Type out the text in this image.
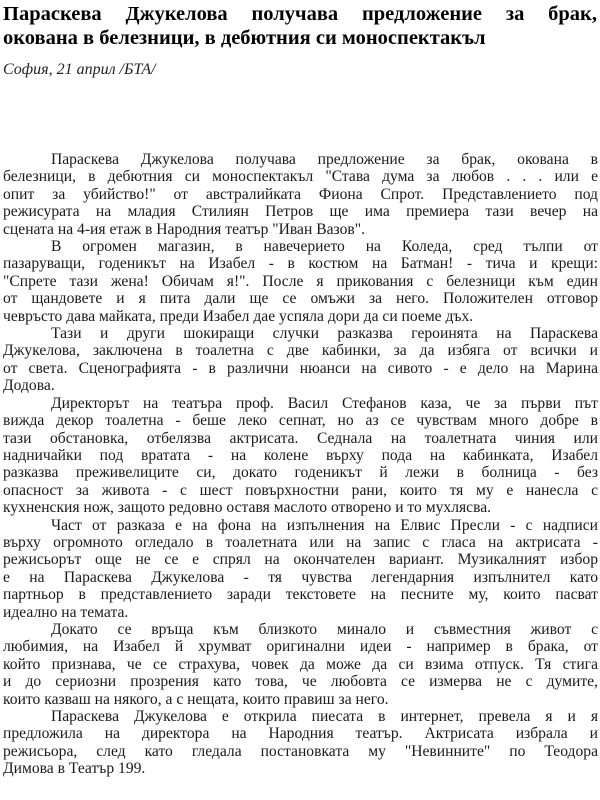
Параскева Джукелова получава предложение за брак,
окована в белезници, в дебютния си моноспектакъл
София, 21 април /БТА/
Параскева Джукелова получава предложение за брак, окована в
белезници, в дебютния си моноспектакъл "Става дума за любов . . . или е
опит за убийство!" от австралийката Фиона Спрот. Представлението под
режисурата на младия Стилиян Петров ще има премиера тази вечер на
сцената на 4-ия етаж в Народния театър "Иван Вазов".
В огромен магазин, в навечерието на Коледа, сред тълпи от
пазаруващи, годеникът на Изабел - в костюм на Батман! - тича и крещи:
"Спрете тази жена! Обичам я!". После я прикования с белезници към един
от щандовете и я пита дали ще се омъжи за него. Положителен отговор
чевръсто дава майката, преди Изабел дае успяла дори да си поеме дъх.
Тази и други шокиращи случки разказва героинята на Параскева
Джукелова, заключена в тоалетна с две кабинки, за да избяга от всички и
от света. Сценографията - в различни нюанси на сивото - е дело на Марина
Додова.
Директорът на театъра проф. Васил Стефанов каза, че за първи път
виждa декор тоалетна - беше леко сепнат, но аз се чувствам много добре в
тази обстановка, отбелязва актрисата. Седнала на тоалетната чиния или
надничайки под вратата - на колене върху пода на кабинката, Изабел
разказва преживелиците си, докато годеникът й лежи в болница - без
опасност за живота - с шест повърхностни рани, които тя му е нанесла с
кухненския нож, защото редовно оставя маслото отворено и то мухлясва.
Част от разказа е на фона на изпълнения на Елвис Пресли - с надписи
върху огромното огледало в тоалетната или на запис с гласа на актрисата -
режисьорът още не се е спрял на окончателен вариант. Музикалният избор
е на Параскева Джукелова - тя чувства легендарния изпълнител като
партньор в представлението заради текстовете на песните му, които пасват
идеално на темата.
Докато се връща към близкото минало и съвместния живот с
любимия, на Изабел й хрумват оригинални идеи - например в брака, от
който признава, че се страхува, човек да може да си взима отпуск. Тя стига
и до сериозни прозрения като това, че любовта се измерва не с думите,
които казваш на някого, а с нещата, които правиш за него.
Параскева Джукелова е открила пиесата в интернет, превела я и я
предложила на директора на Народния театър. Актрисата избрала и
режисьора, след като гледала постановката му "Невинните" по Теодора
Димова в Театър 199.
